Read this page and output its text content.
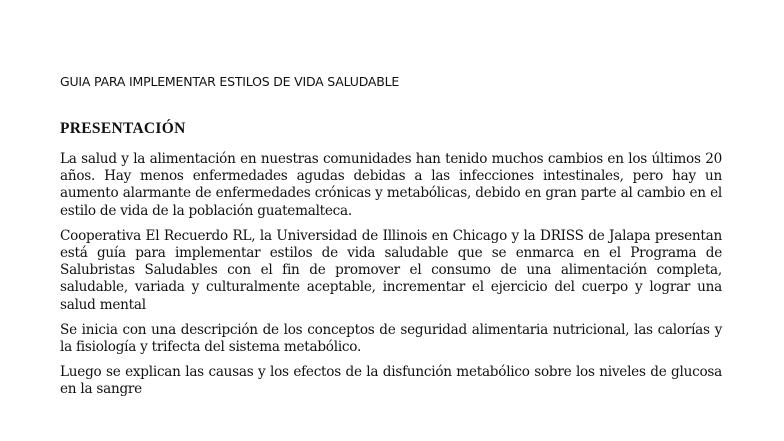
GUIA PARA IMPLEMENTAR ESTILOS DE VIDA SALUDABLE
PRESENTACIÓN

La salud y la alimentación en nuestras comunidades han tenido muchos cambios en los últimos 20 años. Hay menos enfermedades agudas debidas a las infecciones intestinales, pero hay un aumento alarmante de enfermedades crónicas y metabólicas, debido en gran parte al cambio en el estilo de vida de la población guatemalteca.

Cooperativa El Recuerdo RL, la Universidad de Illinois en Chicago y la DRISS de Jalapa presentan está guía para implementar estilos de vida saludable que se enmarca en el Programa de Salubristas Saludables con el fin de promover el consumo de una alimentación completa, saludable, variada y culturalmente aceptable, incrementar el ejercicio del cuerpo y lograr una salud mental

Se inicia con una descripción de los conceptos de seguridad alimentaria nutricional, las calorías y la fisiología y trifecta del sistema metabólico.

Luego se explican las causas y los efectos de la disfunción metabólico sobre los niveles de glucosa en la sangre
